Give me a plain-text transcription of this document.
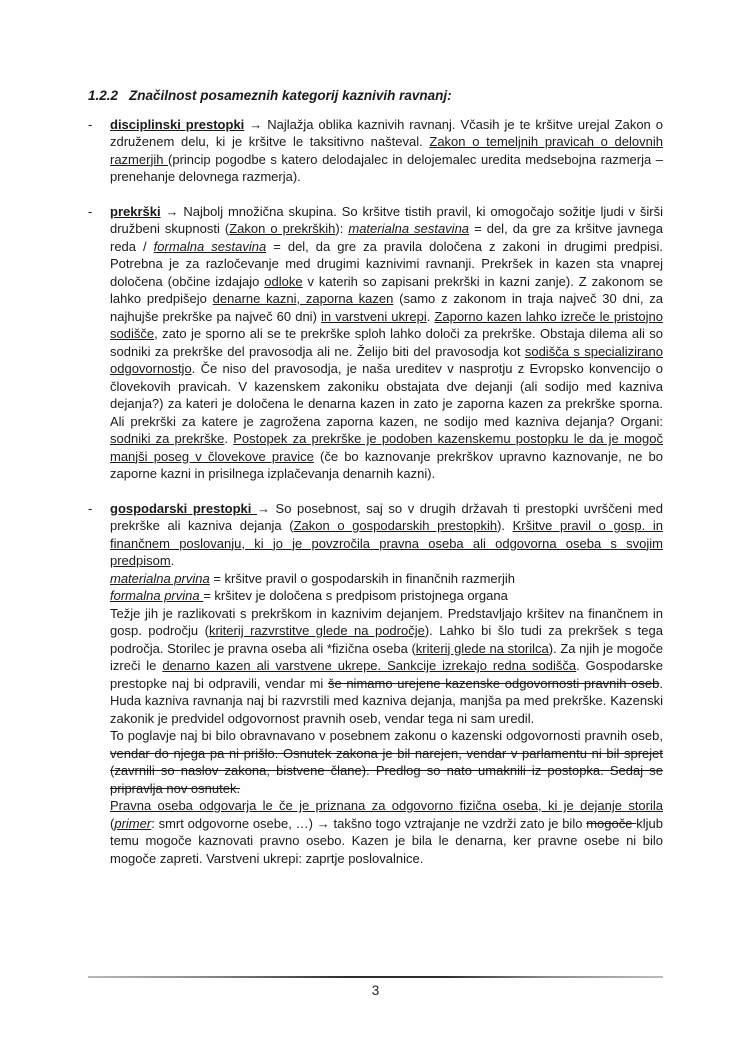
1.2.2 Značilnost posameznih kategorij kaznivih ravnanj:
- disciplinski prestopki → Najlažja oblika kaznivih ravnanj. Včasih je te kršitve urejal Zakon o združenem delu, ki je kršitve le taksitivno našteval. Zakon o temeljnih pravicah o delovnih razmerjih (princip pogodbe s katero delodajalec in delojemalec uredita medsebojna razmerja – prenehanje delovnega razmerja).
- prekrški → Najbolj množična skupina. So kršitve tistih pravil, ki omogočajo sožitje ljudi v širši družbeni skupnosti (Zakon o prekrških): materialna sestavina = del, da gre za kršitve javnega reda / formalna sestavina = del, da gre za pravila določena z zakoni in drugimi predpisi. Potrebna je za razločevanje med drugimi kaznivimi ravnanji. Prekršek in kazen sta vnaprej določena (občine izdajajo odloke v katerih so zapisani prekrški in kazni zanje). Z zakonom se lahko predpišejo denarne kazni, zaporna kazen (samo z zakonom in traja največ 30 dni, za najhujše prekrške pa največ 60 dni) in varstveni ukrepi. Zaporno kazen lahko izreče le pristojno sodišče, zato je sporno ali se te prekrške sploh lahko določi za prekrške. Obstaja dilema ali so sodniki za prekrške del pravosodja ali ne. Želijo biti del pravosodja kot sodišča s specializirano odgovornostjo. Če niso del pravosodja, je naša ureditev v nasprotju z Evropsko konvencijo o človekovih pravicah. V kazenskem zakoniku obstajata dve dejanji (ali sodijo med kazniva dejanja?) za kateri je določena le denarna kazen in zato je zaporna kazen za prekrške sporna. Ali prekrški za katere je zagrožena zaporna kazen, ne sodijo med kazniva dejanja? Organi: sodniki za prekrške. Postopek za prekrške je podoben kazenskemu postopku le da je mogoč manjši poseg v človekove pravice (če bo kaznovanje prekrškov upravno kaznovanje, ne bo zaporne kazni in prisilnega izplačevanja denarnih kazni).
- gospodarski prestopki → So posebnost, saj so v drugih državah ti prestopki uvrščeni med prekrške ali kazniva dejanja (Zakon o gospodarskih prestopkih). Kršitve pravil o gosp. in finančnem poslovanju, ki jo je povzročila pravna oseba ali odgovorna oseba s svojim predpisom.
materialna prvina = kršitve pravil o gospodarskih in finančnih razmerjih
formalna prvina = kršitev je določena s predpisom pristojnega organa
Težje jih je razlikovati s prekrškom in kaznivim dejanjem. Predstavljajo kršitev na finančnem in gosp. področju (kriterij razvrstitve glede na področje). Lahko bi šlo tudi za prekršek s tega področja. Storilec je pravna oseba ali *fizična oseba (kriterij glede na storilca). Za njih je mogoče izreči le denarno kazen ali varstvene ukrepe. Sankcije izrekajo redna sodišča. Gospodarske prestopke naj bi odpravili, vendar mi še nimamo urejene kazenske odgovornosti pravnih oseb. Huda kazniva ravnanja naj bi razvrstili med kazniva dejanja, manjša pa med prekrške. Kazenski zakonik je predvidel odgovornost pravnih oseb, vendar tega ni sam uredil.
To poglavje naj bi bilo obravnavano v posebnem zakonu o kazenski odgovornosti pravnih oseb, vendar do njega pa ni prišlo. Osnutek zakona je bil narejen, vendar v parlamentu ni bil sprejet (zavrnili so naslov zakona, bistvene člane). Predlog so nato umaknili iz postopka. Sedaj se pripravlja nov osnutek.
Pravna oseba odgovarja le če je priznana za odgovorno fizična oseba, ki je dejanje storila (primer: smrt odgovorne osebe, …) → takšno togo vztrajanje ne vzdrži zato je bilo mogoče kljub temu mogoče kaznovati pravno osebo. Kazen je bila le denarna, ker pravne osebe ni bilo mogoče zapreti. Varstveni ukrepi: zaprtje poslovalnice.
3
